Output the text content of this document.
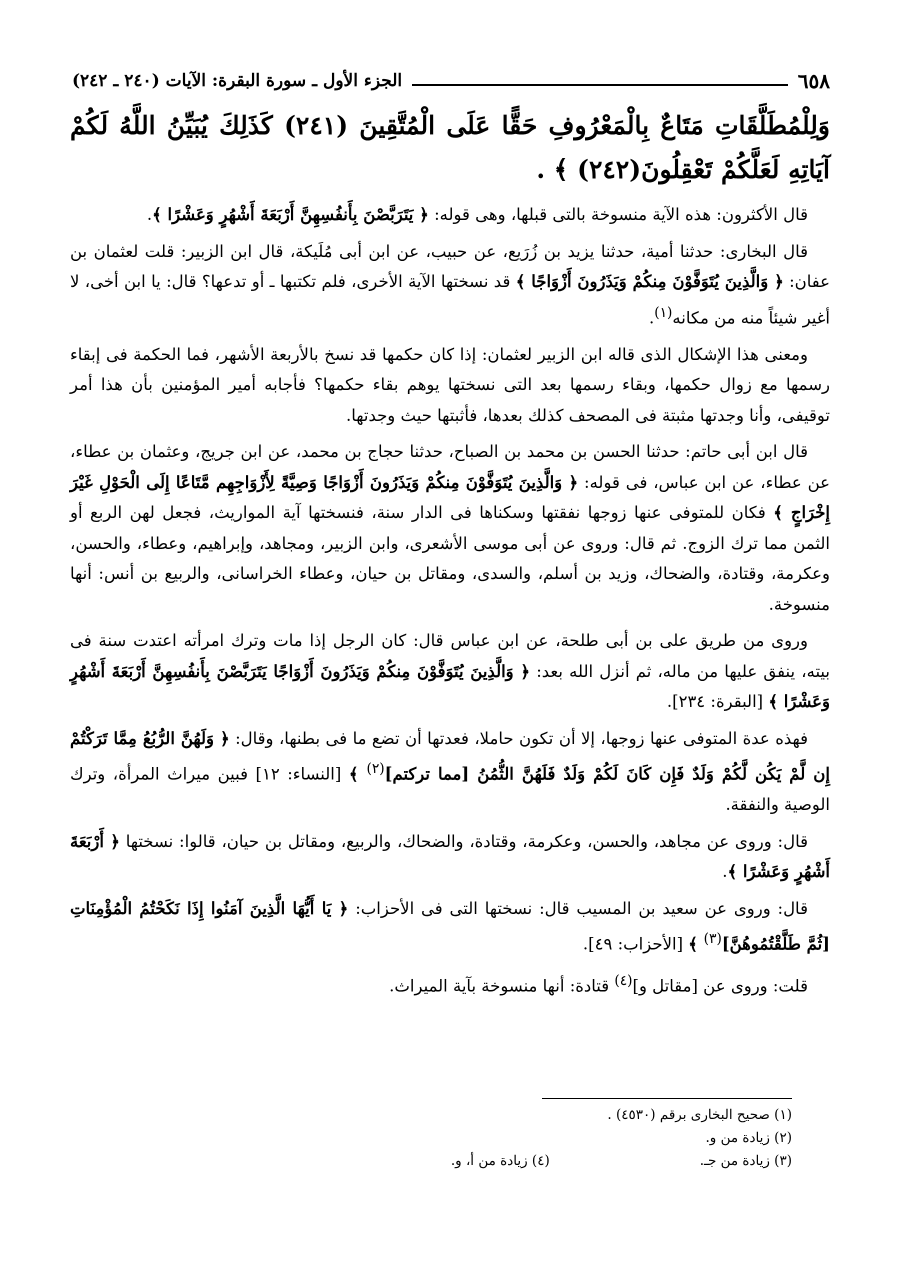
٦٥٨
الجزء الأول ـ سورة البقرة: الآيات (٢٤٠ ـ ٢٤٢)
وَلِلْمُطَلَّقَاتِ مَتَاعٌ بِالْمَعْرُوفِ حَقًّا عَلَى الْمُتَّقِينَ (٢٤١) كَذَلِكَ يُبَيِّنُ اللَّهُ لَكُمْ آيَاتِهِ لَعَلَّكُمْ تَعْقِلُونَ(٢٤٢) ﴾ .

قال الأكثرون: هذه الآية منسوخة بالتى قبلها، وهى قوله: ﴿ يَتَرَبَّصْنَ بِأَنفُسِهِنَّ أَرْبَعَةَ أَشْهُرٍ وَعَشْرًا ﴾.

قال البخارى: حدثنا أمية، حدثنا يزيد بن زُرَيع، عن حبيب، عن ابن أبى مُلَيكة، قال ابن الزبير: قلت لعثمان بن عفان: ﴿ وَالَّذِينَ يُتَوَفَّوْنَ مِنكُمْ وَيَذَرُونَ أَزْوَاجًا ﴾ قد نسختها الآية الأخرى، فلم تكتبها ـ أو تدعها؟ قال: يا ابن أخى، لا أغير شيئاً منه من مكانه$^{(١)}$.

ومعنى هذا الإشكال الذى قاله ابن الزبير لعثمان: إذا كان حكمها قد نسخ بالأربعة الأشهر، فما الحكمة فى إبقاء رسمها مع زوال حكمها، وبقاء رسمها بعد التى نسختها يوهم بقاء حكمها؟ فأجابه أمير المؤمنين بأن هذا أمر توقيفى، وأنا وجدتها مثبتة فى المصحف كذلك بعدها، فأثبتها حيث وجدتها.

قال ابن أبى حاتم: حدثنا الحسن بن محمد بن الصباح، حدثنا حجاج بن محمد، عن ابن جريج، وعثمان بن عطاء، عن عطاء، عن ابن عباس، فى قوله: ﴿ وَالَّذِينَ يُتَوَفَّوْنَ مِنكُمْ وَيَذَرُونَ أَزْوَاجًا وَصِيَّةً لِأَزْوَاجِهِم مَّتَاعًا إِلَى الْحَوْلِ غَيْرَ إِخْرَاجٍ ﴾ فكان للمتوفى عنها زوجها نفقتها وسكناها فى الدار سنة، فنسختها آية المواريث، فجعل لهن الربع أو الثمن مما ترك الزوج. ثم قال: وروى عن أبى موسى الأشعرى، وابن الزبير، ومجاهد، وإبراهيم، وعطاء، والحسن، وعكرمة، وقتادة، والضحاك، وزيد بن أسلم، والسدى، ومقاتل بن حيان، وعطاء الخراسانى، والربيع بن أنس: أنها منسوخة.

وروى من طريق على بن أبى طلحة، عن ابن عباس قال: كان الرجل إذا مات وترك امرأته اعتدت سنة فى بيته، ينفق عليها من ماله، ثم أنزل الله بعد: ﴿ وَالَّذِينَ يُتَوَفَّوْنَ مِنكُمْ وَيَذَرُونَ أَزْوَاجًا يَتَرَبَّصْنَ بِأَنفُسِهِنَّ أَرْبَعَةَ أَشْهُرٍ وَعَشْرًا ﴾ [البقرة: ٢٣٤].

فهذه عدة المتوفى عنها زوجها، إلا أن تكون حاملا، فعدتها أن تضع ما فى بطنها، وقال: ﴿ وَلَهُنَّ الرُّبُعُ مِمَّا تَرَكْتُمْ إِن لَّمْ يَكُن لَّكُمْ وَلَدٌ فَإِن كَانَ لَكُمْ وَلَدٌ فَلَهُنَّ الثُّمُنُ [مما تركتم]$^{(٢)}$ ﴾ [النساء: ١٢] فبين ميراث المرأة، وترك الوصية والنفقة.

قال: وروى عن مجاهد، والحسن، وعكرمة، وقتادة، والضحاك، والربيع، ومقاتل بن حيان، قالوا: نسختها ﴿ أَرْبَعَةَ أَشْهُرٍ وَعَشْرًا ﴾.

قال: وروى عن سعيد بن المسيب قال: نسختها التى فى الأحزاب: ﴿ يَا أَيُّهَا الَّذِينَ آمَنُوا إِذَا نَكَحْتُمُ الْمُؤْمِنَاتِ [ثُمَّ طَلَّقْتُمُوهُنَّ]$^{(٣)}$ ﴾ [الأحزاب: ٤٩].

قلت: وروى عن [مقاتل و]$^{(٤)}$ قتادة: أنها منسوخة بآية الميراث.

(١) صحيح البخارى برقم (٤٥٣٠) .
(٢) زيادة من و.
(٣) زيادة من جـ.
(٤) زيادة من أ، و.
